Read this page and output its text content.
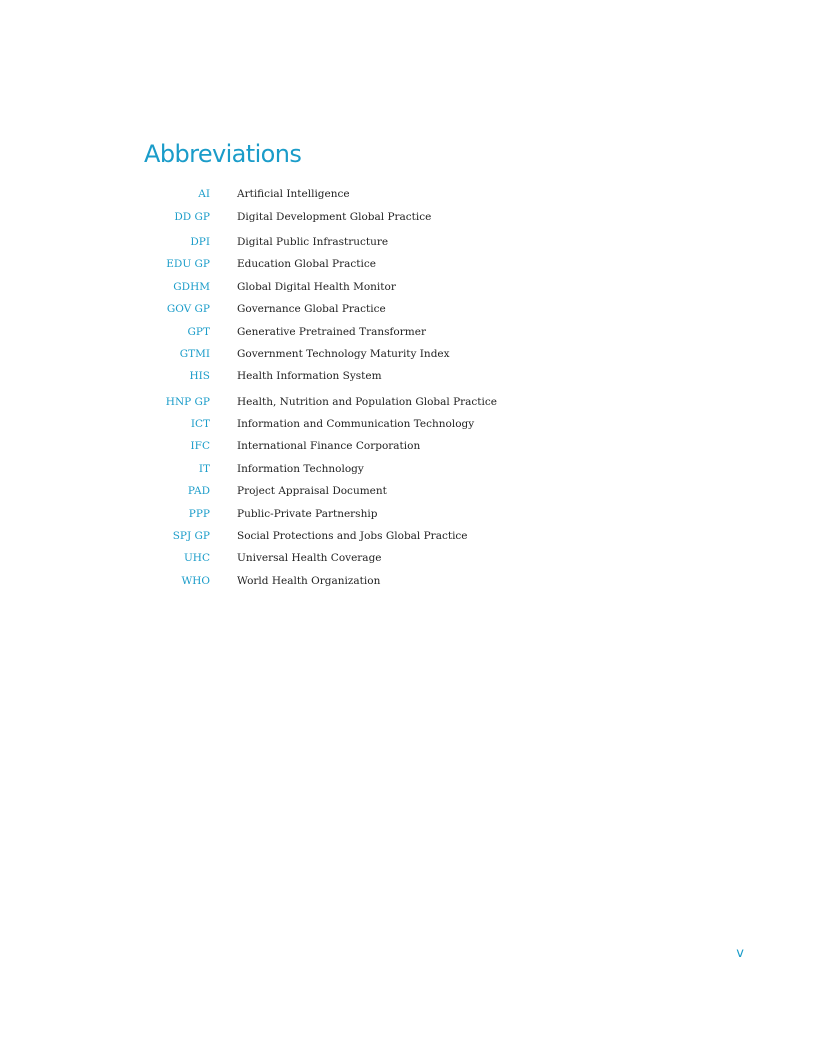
Abbreviations
AI	Artificial Intelligence
DD GP	Digital Development Global Practice
DPI	Digital Public Infrastructure
EDU GP	Education Global Practice
GDHM	Global Digital Health Monitor
GOV GP	Governance Global Practice
GPT	Generative Pretrained Transformer
GTMI	Government Technology Maturity Index
HIS	Health Information System
HNP GP	Health, Nutrition and Population Global Practice
ICT	Information and Communication Technology
IFC	International Finance Corporation
IT	Information Technology
PAD	Project Appraisal Document
PPP	Public-Private Partnership
SPJ GP	Social Protections and Jobs Global Practice
UHC	Universal Health Coverage
WHO	World Health Organization
v
